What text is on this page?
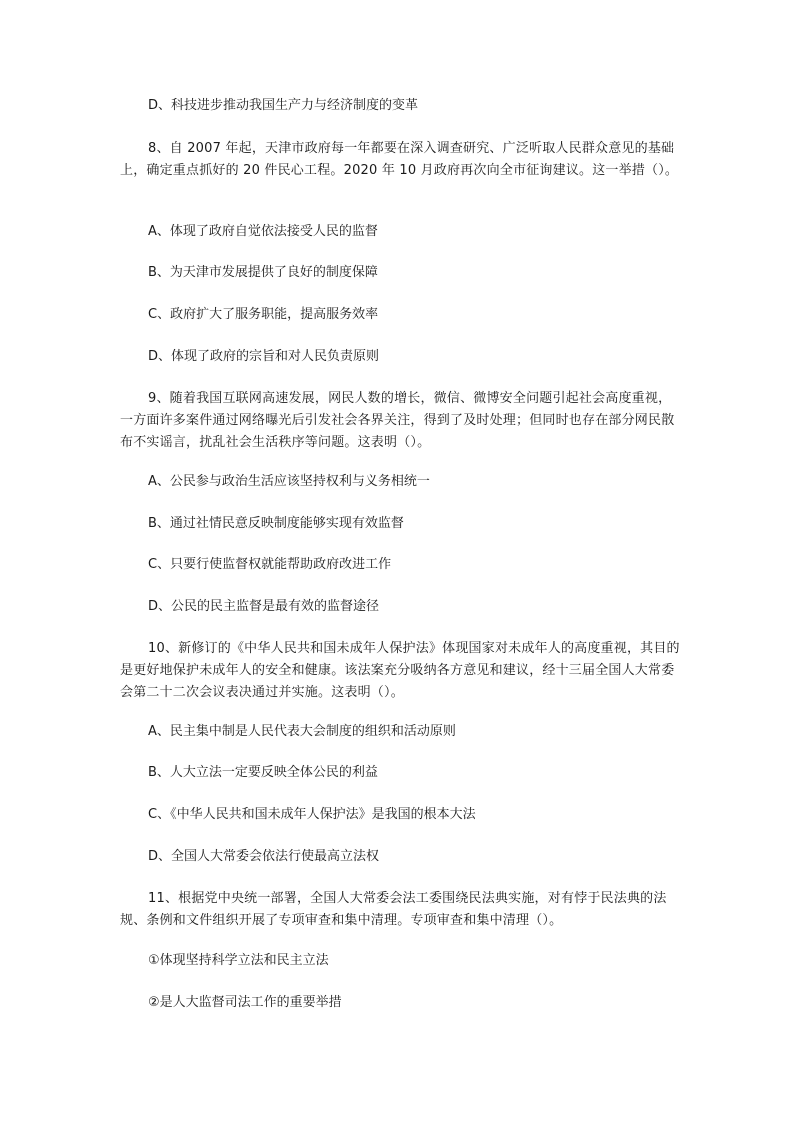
D、科技进步推动我国生产力与经济制度的变革

8、自 2007 年起，天津市政府每一年都要在深入调查研究、广泛听取人民群众意见的基础上，确定重点抓好的 20 件民心工程。2020 年 10 月政府再次向全市征询建议。这一举措（）。

A、体现了政府自觉依法接受人民的监督

B、为天津市发展提供了良好的制度保障

C、政府扩大了服务职能，提高服务效率

D、体现了政府的宗旨和对人民负责原则

9、随着我国互联网高速发展，网民人数的增长，微信、微博安全问题引起社会高度重视，一方面许多案件通过网络曝光后引发社会各界关注，得到了及时处理；但同时也存在部分网民散布不实谣言，扰乱社会生活秩序等问题。这表明（）。

A、公民参与政治生活应该坚持权利与义务相统一

B、通过社情民意反映制度能够实现有效监督

C、只要行使监督权就能帮助政府改进工作

D、公民的民主监督是最有效的监督途径

10、新修订的《中华人民共和国未成年人保护法》体现国家对未成年人的高度重视，其目的是更好地保护未成年人的安全和健康。该法案充分吸纳各方意见和建议，经十三届全国人大常委会第二十二次会议表决通过并实施。这表明（）。

A、民主集中制是人民代表大会制度的组织和活动原则

B、人大立法一定要反映全体公民的利益

C、《中华人民共和国未成年人保护法》是我国的根本大法

D、全国人大常委会依法行使最高立法权

11、根据党中央统一部署，全国人大常委会法工委围绕民法典实施，对有悖于民法典的法规、条例和文件组织开展了专项审查和集中清理。专项审查和集中清理（）。

①体现坚持科学立法和民主立法

②是人大监督司法工作的重要举措
